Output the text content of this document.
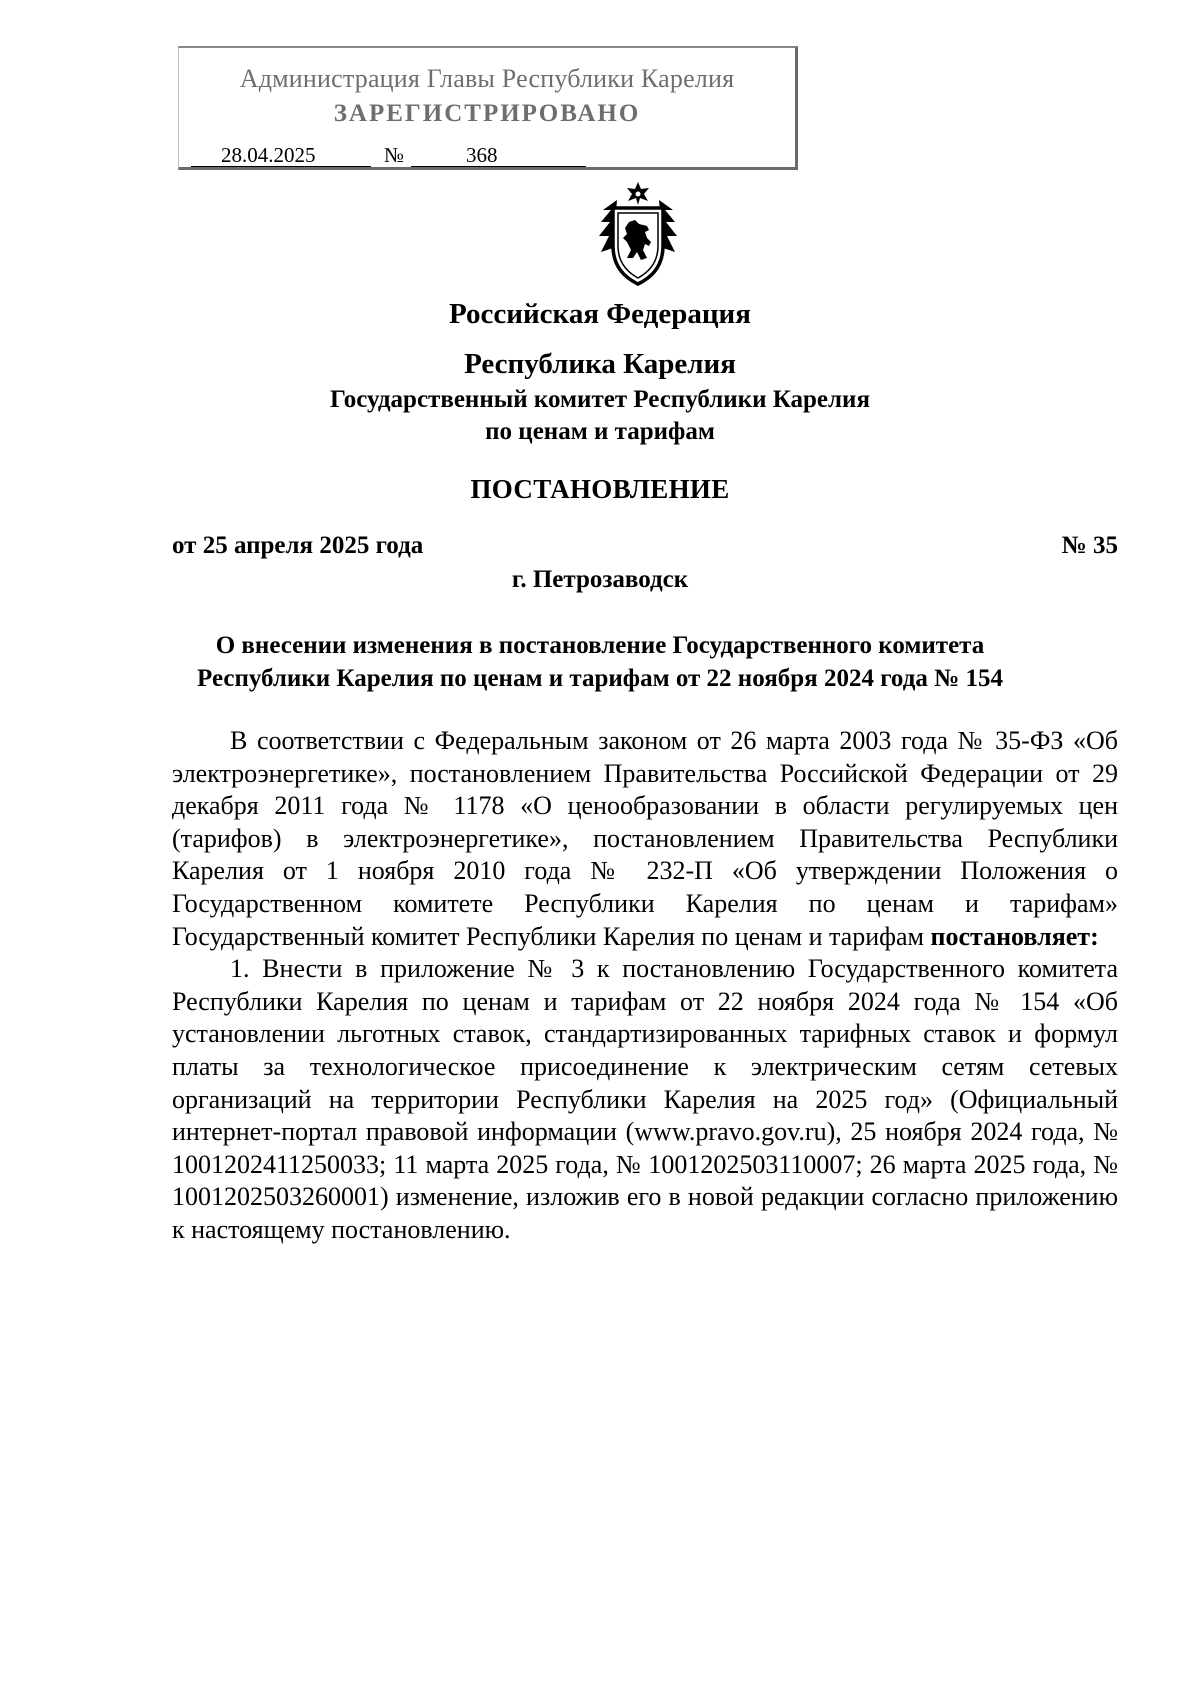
Администрация Главы Республики Карелия
ЗАРЕГИСТРИРОВАНО
28.04.2025	№	368
Российская Федерация
Республика Карелия
Государственный комитет Республики Карелия
по ценам и тарифам
ПОСТАНОВЛЕНИЕ
от 25 апреля 2025 года	№ 35
г. Петрозаводск
О внесении изменения в постановление Государственного комитета
Республики Карелия по ценам и тарифам от 22 ноября 2024 года № 154

В соответствии с Федеральным законом от 26 марта 2003 года № 35-ФЗ «Об электроэнергетике», постановлением Правительства Российской Федерации от 29 декабря 2011 года № 1178 «О ценообразовании в области регулируемых цен (тарифов) в электроэнергетике», постановлением Правительства Республики Карелия от 1 ноября 2010 года № 232-П «Об утверждении Положения о Государственном комитете Республики Карелия по ценам и тарифам» Государственный комитет Республики Карелия по ценам и тарифам постановляет:

1. Внести в приложение № 3 к постановлению Государственного комитета Республики Карелия по ценам и тарифам от 22 ноября 2024 года № 154 «Об установлении льготных ставок, стандартизированных тарифных ставок и формул платы за технологическое присоединение к электрическим сетям сетевых организаций на территории Республики Карелия на 2025 год» (Официальный интернет-портал правовой информации (www.pravo.gov.ru), 25 ноября 2024 года, № 1001202411250033; 11 марта 2025 года, № 1001202503110007; 26 марта 2025 года, № 1001202503260001) изменение, изложив его в новой редакции согласно приложению к настоящему постановлению.
